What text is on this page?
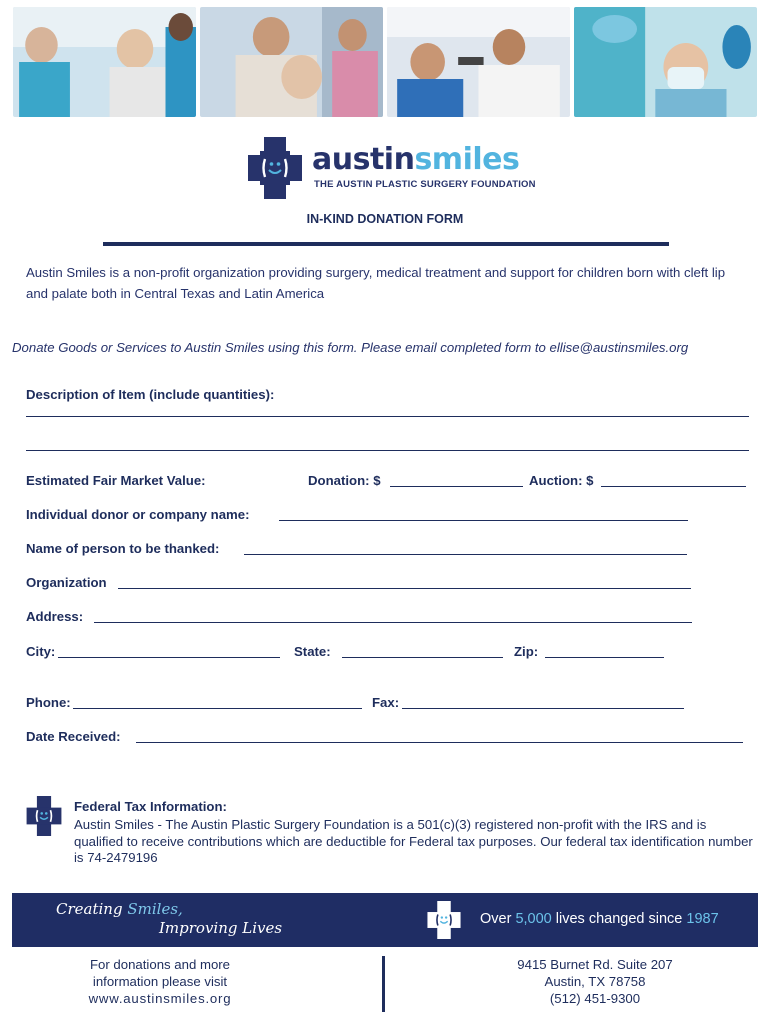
austinsmiles
THE AUSTIN PLASTIC SURGERY FOUNDATION
IN-KIND DONATION FORM
Austin Smiles is a non-profit organization providing surgery, medical treatment and support for children born with cleft lip and palate both in Central Texas and Latin America
Donate Goods or Services to Austin Smiles using this form. Please email completed form to ellise@austinsmiles.org
Description of Item (include quantities):
Estimated Fair Market Value:	Donation: $	Auction: $
Individual donor or company name:
Name of person to be thanked:
Organization
Address:
City:	State:	Zip:
Phone:	Fax:
Date Received:
Federal Tax Information:
Austin Smiles - The Austin Plastic Surgery Foundation is a 501(c)(3) registered non-profit with the IRS and is qualified to receive contributions which are deductible for Federal tax purposes. Our federal tax identification number is 74-2479196
Creating Smiles,
Improving Lives	Over 5,000 lives changed since 1987
For donations and more
information please visit
www.austinsmiles.org
9415 Burnet Rd. Suite 207
Austin, TX 78758
(512) 451-9300
